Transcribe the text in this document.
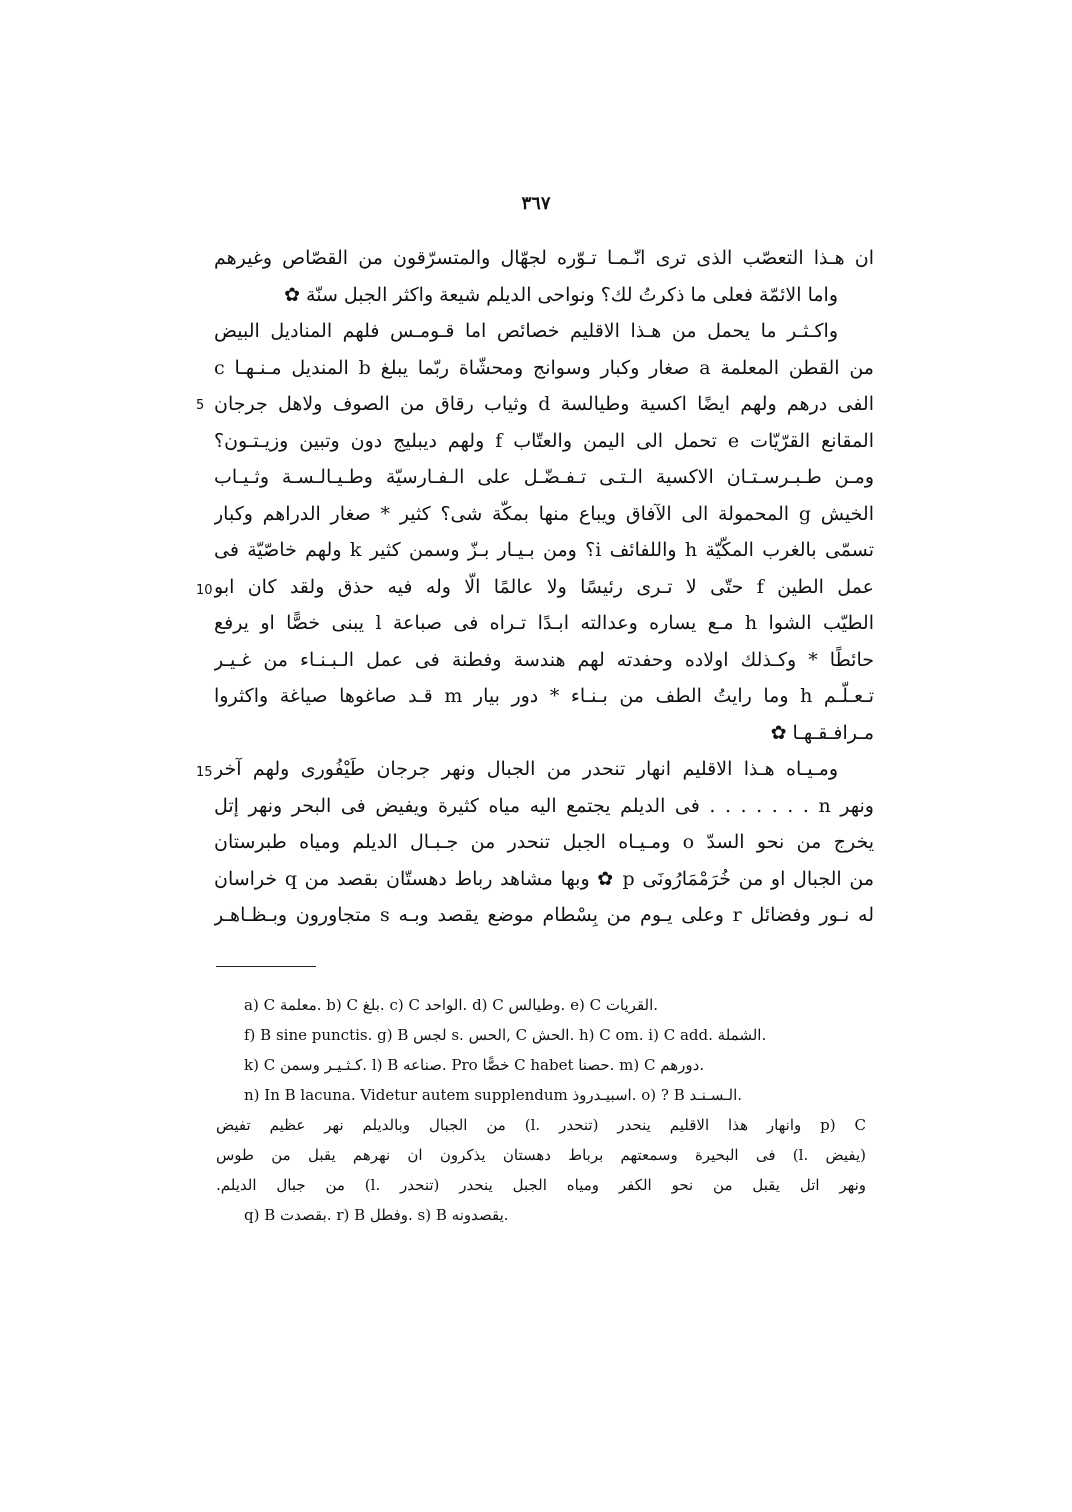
٣٦٧
5
10
15
ان هـذا التعصّب الذى ترى انّـمـا تـوّره لجهّال والمتسرّقون من القصّاص وغيرهم
واما الائمّة فعلى ما ذكرتُ لك؟ ونواحى الديلم شيعة واكثر الجبل سنّة ✿
واكـثـر ما يحمل من هـذا الاقليم خصائص اما قـومـس فلهم المناديل البيض
من القطن المعلمة a صغار وكبار وسوانج ومحشّاة ربّما يبلغ b المنديل مـنـهـا c
الفى درهم ولهم ايضًا اكسية وطيالسة d وثياب رقاق من الصوف ولاهل جرجان
المقانع القرّيّات e تحمل الى اليمن والعتّاب f ولهم ديبليج دون وتبين وزيـتـون؟
ومـن طـبـرسـتـان الاكسية الـتـى تـفـضّـل على الـفـارسيّة وطـيـالـسـة وثـيـاب
الخيش g المحمولة الى الآفاق ويباع منها بمكّة شى؟ كثير * صغار الدراهم وكبار
تسمّى بالغرب المكّيّة h واللفائف i؟ ومن بـيـار بـزّ وسمن كثير k ولهم خاصّيّة فى
عمل الطين f حتّى لا تـرى رئيسًا ولا عالمًا الّا وله فيه حذق ولقد كان ابو
الطيّب الشوا h مـع يساره وعدالته ابـدًا تـراه فى صباعة l يبنى خصًّا او يرفع
حائطًا * وكـذلك اولاده وحفدته لهم هندسة وفطنة فى عمل الـبـنـاء من غـيـر
تـعـلّـم h وما رايتُ الطف من بـنـاء * دور بيار m قـد صاغوها صياغة واكثروا
مـرافـقـهـا ✿
ومـيـاه هـذا الاقليم انهار تنحدر من الجبال ونهر جرجان طَيْفُورى ولهم آخر
ونهر n . . . . . . . فى الديلم يجتمع اليه مياه كثيرة ويفيض فى البحر ونهر إتل
يخرج من نحو السدّ o ومـيـاه الجبل تنحدر من جـبـال الديلم ومياه طبرستان
من الجبال او من خُرَمْمَارُونَى p ✿ وبها مشاهد رباط دهستّان بقصد من q خراسان
له نـور وفضائل r وعلى يـوم من بِسْطام موضع يقصد وبـه s متجاورون وبـظـاهـر
a) C معلمة. b) C بلغ. c) C الواحد. d) C وطيالس. e) C القريات.
f) B sine punctis. g) B لجس s. الحس, C الحش. h) C om. i) C add. الشملة.
k) C كـثـيـر وسمن. l) B صناعه. Pro خصًّا C habet حصنا. m) C دورهم.
n) In B lacuna. Videtur autem supplendum اسبيـدروذ. o) ? B الـسـنـد.
p) C وانهار هذا الاقليم ينحدر (تنحدر .l) من الجبال وبالديلم نهر عظيم تفيض
(يفيض .l) فى البحيرة وسمعتهم برباط دهستان يذكرون ان نهرهم يقبل من طوس
ونهر اتل يقبل من نحو الكفر ومياه الجبل ينحدر (تنحدر .l) من جبال الديلم.
q) B بقصدت. r) B وفطل. s) B يقصدونه.
